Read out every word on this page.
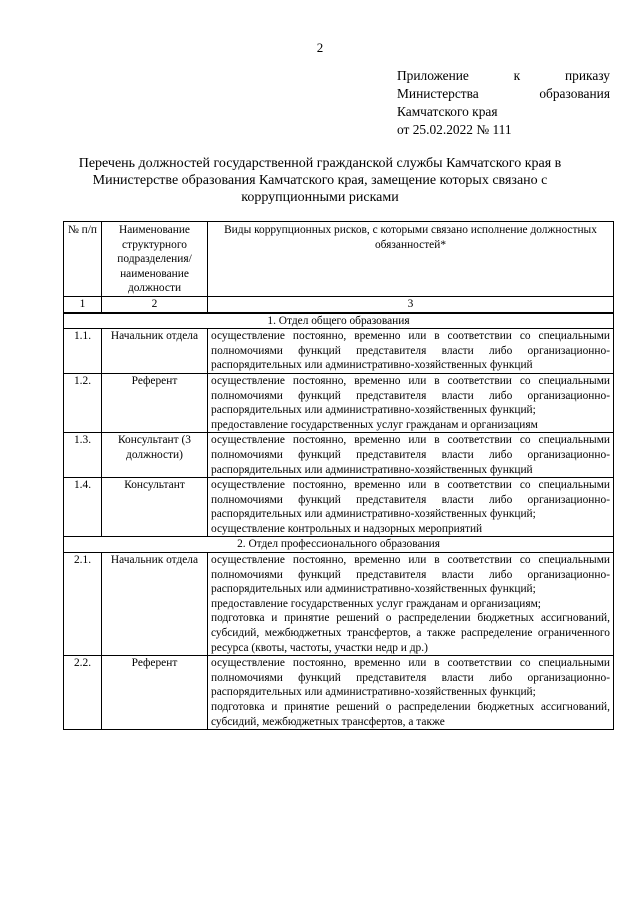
2
Приложение к приказу
Министерства образования
Камчатского края
от 25.02.2022 № 111
Перечень должностей государственной гражданской службы Камчатского края в Министерстве образования Камчатского края, замещение которых связано с коррупционными рисками
№ п/п	Наименование структурного подразделения/ наименование должности	Виды коррупционных рисков, с которыми связано исполнение должностных обязанностей*
1	2	3
1. Отдел общего образования		
1.1.	Начальник отдела	осуществление постоянно, временно или в соответствии со специальными полномочиями функций представителя власти либо организационно-распорядительных или административно-хозяйственных функций

1.2.	Референт	осуществление постоянно, временно или в соответствии со специальными полномочиями функций представителя власти либо организационно-распорядительных или административно-хозяйственных функций;
предоставление государственных услуг гражданам и организациям

1.3.	Консультант (3 должности)	осуществление постоянно, временно или в соответствии со специальными полномочиями функций представителя власти либо организационно-распорядительных или административно-хозяйственных функций

1.4.	Консультант	осуществление постоянно, временно или в соответствии со специальными полномочиями функций представителя власти либо организационно-распорядительных или административно-хозяйственных функций;
осуществление контрольных и надзорных мероприятий

2. Отдел профессионального образования		
2.1.	Начальник отдела	осуществление постоянно, временно или в соответствии со специальными полномочиями функций представителя власти либо организационно-распорядительных или административно-хозяйственных функций;
предоставление государственных услуг гражданам и организациям;
подготовка и принятие решений о распределении бюджетных ассигнований, субсидий, межбюджетных трансфертов, а также распределение ограниченного ресурса (квоты, частоты, участки недр и др.)

2.2.	Референт	осуществление постоянно, временно или в соответствии со специальными полномочиями функций представителя власти либо организационно-распорядительных или административно-хозяйственных функций;
подготовка и принятие решений о распределении бюджетных ассигнований, субсидий, межбюджетных трансфертов, а также
